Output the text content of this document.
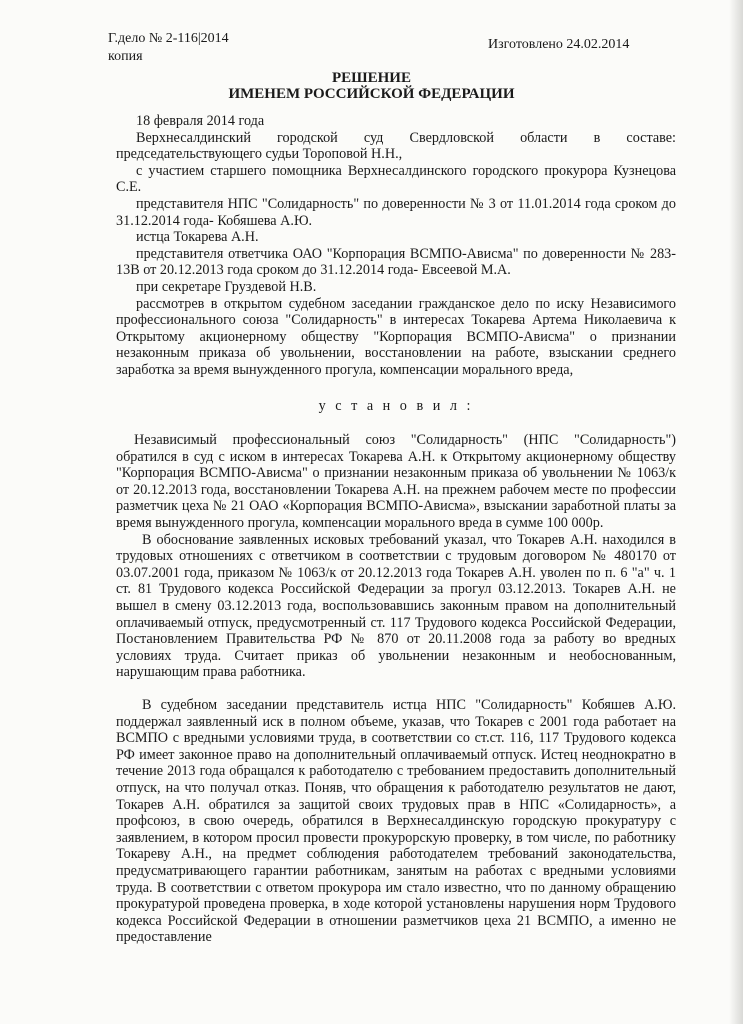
Г.дело № 2-116|2014
копия
Изготовлено 24.02.2014
РЕШЕНИЕ
ИМЕНЕМ РОССИЙСКОЙ ФЕДЕРАЦИИ

18 февраля 2014 года

Верхнесалдинский городской суд Свердловской области в составе: председательствующего судьи Тороповой Н.Н.,

с участием старшего помощника Верхнесалдинского городского прокурора Кузнецова С.Е.

представителя НПС "Солидарность" по доверенности № 3 от 11.01.2014 года сроком до 31.12.2014 года- Кобяшева А.Ю.

истца Токарева А.Н.

представителя ответчика ОАО "Корпорация ВСМПО-Ависма" по доверенности № 283-13В от 20.12.2013 года сроком до 31.12.2014 года- Евсеевой М.А.

при секретаре Груздевой Н.В.

рассмотрев в открытом судебном заседании гражданское дело по иску Независимого профессионального союза "Солидарность" в интересах Токарева Артема Николаевича к Открытому акционерному обществу "Корпорация ВСМПО-Ависма" о признании незаконным приказа об увольнении, восстановлении на работе, взыскании среднего заработка за время вынужденного прогула, компенсации морального вреда,

у с т а н о в и л :

Независимый профессиональный союз "Солидарность" (НПС "Солидарность") обратился в суд с иском в интересах Токарева А.Н. к Открытому акционерному обществу "Корпорация ВСМПО-Ависма" о признании незаконным приказа об увольнении № 1063/к от 20.12.2013 года, восстановлении Токарева А.Н. на прежнем рабочем месте по профессии разметчик цеха № 21 ОАО «Корпорация ВСМПО-Ависма», взыскании заработной платы за время вынужденного прогула, компенсации морального вреда в сумме 100 000р.

В обоснование заявленных исковых требований указал, что Токарев А.Н. находился в трудовых отношениях с ответчиком в соответствии с трудовым договором № 480170 от 03.07.2001 года, приказом № 1063/к от 20.12.2013 года Токарев А.Н. уволен по п. 6 "а" ч. 1 ст. 81 Трудового кодекса Российской Федерации за прогул 03.12.2013. Токарев А.Н. не вышел в смену 03.12.2013 года, воспользовавшись законным правом на дополнительный оплачиваемый отпуск, предусмотренный ст. 117 Трудового кодекса Российской Федерации, Постановлением Правительства РФ № 870 от 20.11.2008 года за работу во вредных условиях труда. Считает приказ об увольнении незаконным и необоснованным, нарушающим права работника.

В судебном заседании представитель истца НПС "Солидарность" Кобяшев А.Ю. поддержал заявленный иск в полном объеме, указав, что Токарев с 2001 года работает на ВСМПО с вредными условиями труда, в соответствии со ст.ст. 116, 117 Трудового кодекса РФ имеет законное право на дополнительный оплачиваемый отпуск. Истец неоднократно в течение 2013 года обращался к работодателю с требованием предоставить дополнительный отпуск, на что получал отказ. Поняв, что обращения к работодателю результатов не дают, Токарев А.Н. обратился за защитой своих трудовых прав в НПС «Солидарность», а профсоюз, в свою очередь, обратился в Верхнесалдинскую городскую прокуратуру с заявлением, в котором просил провести прокурорскую проверку, в том числе, по работнику Токареву А.Н., на предмет соблюдения работодателем требований законодательства, предусматривающего гарантии работникам, занятым на работах с вредными условиями труда. В соответствии с ответом прокурора им стало известно, что по данному обращению прокуратурой проведена проверка, в ходе которой установлены нарушения норм Трудового кодекса Российской Федерации в отношении разметчиков цеха 21 ВСМПО, а именно не предоставление
